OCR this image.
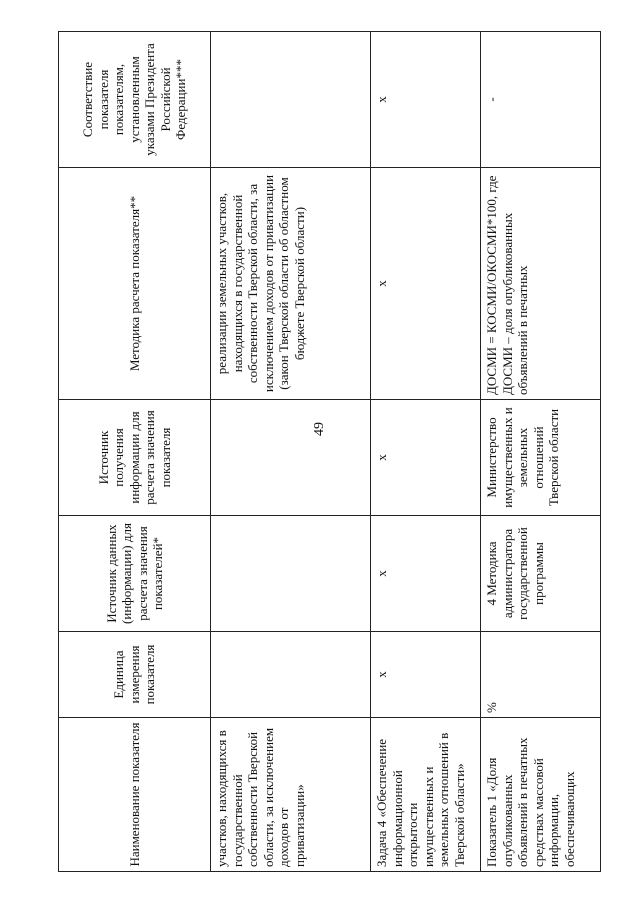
49
Наименование показателя	Единица измерения показателя	Источник данных (информации) для расчета значения показателей*	Источник получения информации для расчета значения показателя	Методика расчета показателя**	Соответствие показателя показателям, установленным указами Президента Российской Федерации***
участков, находящихся в государственной собственности Тверской области, за исключением доходов от приватизации»				реализации земельных участков, находящихся в государственной собственности Тверской области, за исключением доходов от приватизации (закон Тверской области об областном бюджете Тверской области)	
Задача 4 «Обеспечение информационной открытости имущественных и земельных отношений в Тверской области»	х	х	х	х	х
Показатель 1 «Доля опубликованных объявлений в печатных средствах массовой информации, обеспечивающих	%	4 Методика администратора государственной программы	Министерство имущественных и земельных отношений Тверской области	ДОСМИ = КОСМИ/ОКОСМИ*100, где ДОСМИ – доля опубликованных объявлений в печатных	-
